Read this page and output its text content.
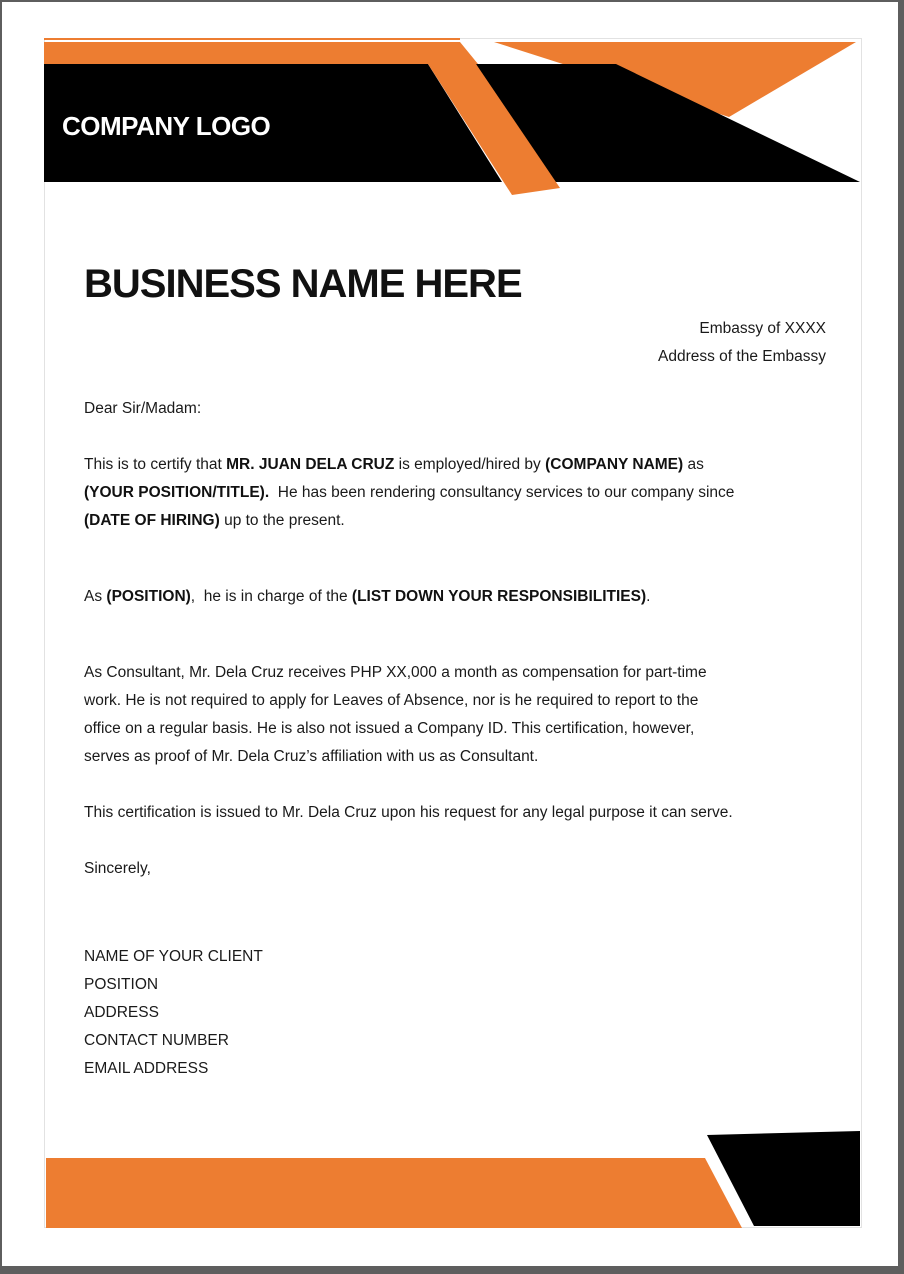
COMPANY LOGO
BUSINESS NAME HERE
Embassy of XXXX
Address of the Embassy

Dear Sir/Madam:

This is to certify that MR. JUAN DELA CRUZ is employed/hired by (COMPANY NAME) as
(YOUR POSITION/TITLE).  He has been rendering consultancy services to our company since
(DATE OF HIRING) up to the present.

As (POSITION),  he is in charge of the (LIST DOWN YOUR RESPONSIBILITIES).

As Consultant, Mr. Dela Cruz receives PHP XX,000 a month as compensation for part-time
work. He is not required to apply for Leaves of Absence, nor is he required to report to the
office on a regular basis. He is also not issued a Company ID. This certification, however,
serves as proof of Mr. Dela Cruz’s affiliation with us as Consultant.

This certification is issued to Mr. Dela Cruz upon his request for any legal purpose it can serve.

Sincerely,

NAME OF YOUR CLIENT
POSITION
ADDRESS
CONTACT NUMBER
EMAIL ADDRESS
